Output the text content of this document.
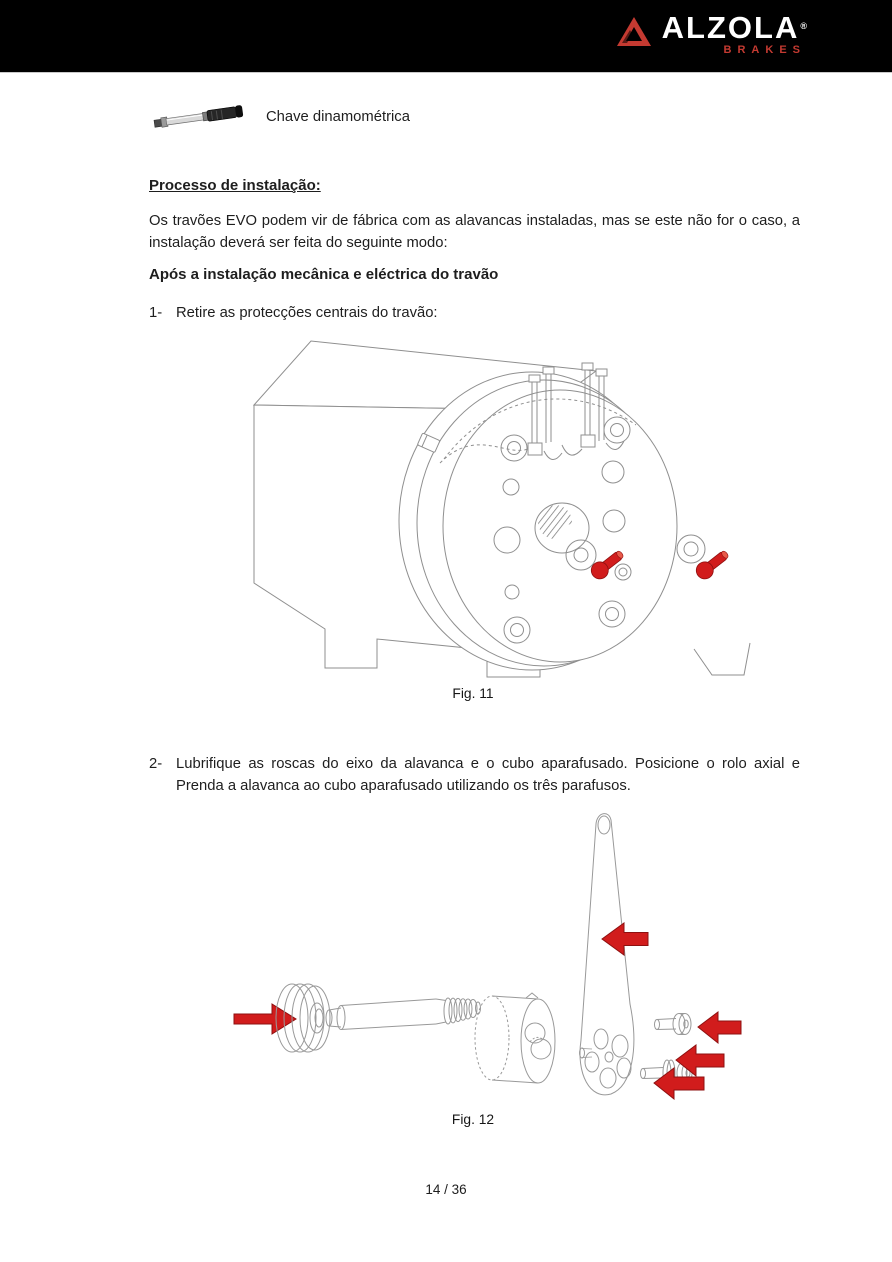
ALZOLA®
BRAKES
Chave dinamométrica
Processo de instalação:

Os travões EVO podem vir de fábrica com as alavancas instaladas, mas se este não for o caso, a instalação deverá ser feita do seguinte modo:

Após a instalação mecânica e eléctrica do travão
1- Retire as protecções centrais do travão:
Fig. 11
2- Lubrifique as roscas do eixo da alavanca e o cubo aparafusado. Posicione o rolo axial e Prenda a alavanca ao cubo aparafusado utilizando os três parafusos.
Fig. 12
14 / 36
